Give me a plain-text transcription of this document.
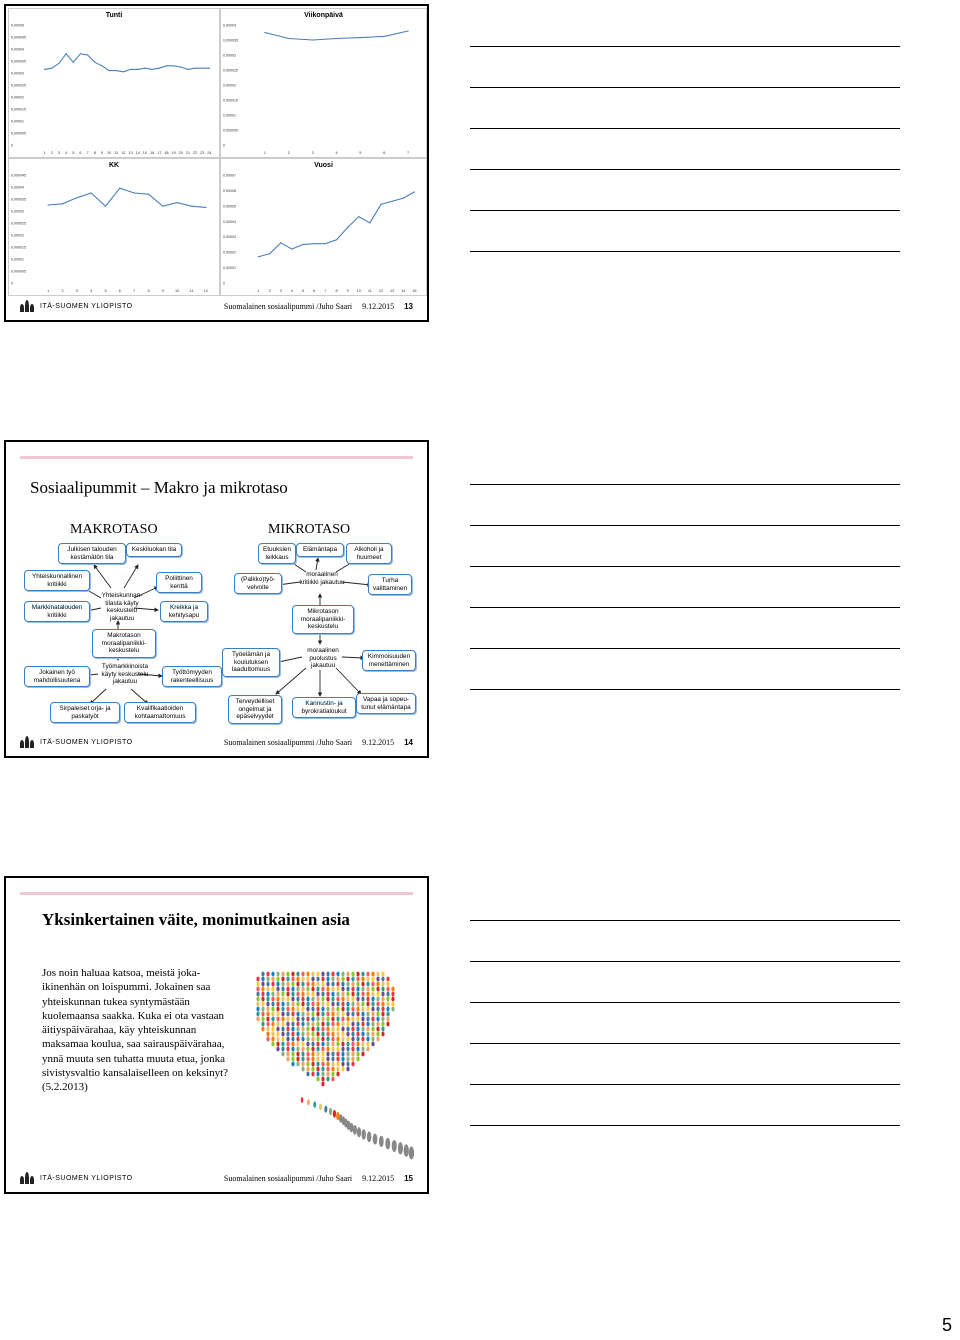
Tunti
0,00005
0,000045
0,00004
0,000035
0,00003
0,000025
0,00002
0,000015
0,00001
0,000005
0
1 2 3 4 5 6 7 8 9 10 11 12 13 14 15 16 17 18 19 20 21 22 23 24
Viikonpäivä
0,00004
0,000035
0,00003
0,000025
0,00002
0,000015
0,00001
0,000005
0
1	2	3	4	5	6	7
KK
0,000045
0,00004
0,000035
0,00003
0,000025
0,00002
0,000015
0,00001
0,000005
0
1	2	3	4	5	6	7	8	9	10	11	12
Vuosi
0,00007
0,00006
0,00005
0,00004
0,00003
0,00002
0,00001
0
1 2 3 4 5 6 7 8 9 10 11 12 13 14 15
ITÄ-SUOMEN YLIOPISTO	Suomalainen sosiaalipummi /Juho Saari 9.12.2015 13
Sosiaalipummit – Makro ja mikrotaso
MAKROTASO	MIKROTASO
Julkisen talouden kestämätön tila
Keskiluokan tila
Yhteiskunnallinen kritiikki
Poliittinen kenttä
Yhteiskunnan-tilasta käyty keskustelu jakautuu
Markkinatalouden kritiikki
Kreikka ja kehitysapu
Makrotason moraalipaniikki-keskustelu
Jokainen työ mahdollisuutena
Työmarkkinoista käyty keskustelu jakautuu
Työttömyyden rakenteellisuus
Sirpaleiset orja- ja paskatyöt
Kvalifikaatioiden kohtaamattomuus
Etuuksien leikkaus
Elämäntapa	Alkoholi ja huumeet
(Palkko)työ-velvoite
moraalinen kritiikki jakautuu	Turha valittaminen
Mikrotason moraalipaniikki-keskustelu
Työelämän ja koulutuksen laaduttomuus
moraalinen puolustus jakautuu
Kimmoisuuden menettäminen
Terveydelliset ongelmat ja epäselvyydet
Kannustin- ja byrokratialoukut
Vapaa ja sopeu-tunut elämäntapa
ITÄ-SUOMEN YLIOPISTO	Suomalainen sosiaalipummi /Juho Saari 9.12.2015 14
Yksinkertainen väite, monimutkainen asia
Jos noin haluaa katsoa, meistä joka-ikinenhän on loispummi. Jokainen saa yhteiskunnan tukea syntymästään kuolemaansa saakka. Kuka ei ota vastaan äitiyspäivärahaa, käy yhteiskunnan maksamaa koulua, saa sairauspäivärahaa, ynnä muuta sen tuhatta muuta etua, jonka sivistysvaltio kansalaiselleen on keksinyt? (5.2.2013)
ITÄ-SUOMEN YLIOPISTO	Suomalainen sosiaalipummi /Juho Saari 9.12.2015 15
5
